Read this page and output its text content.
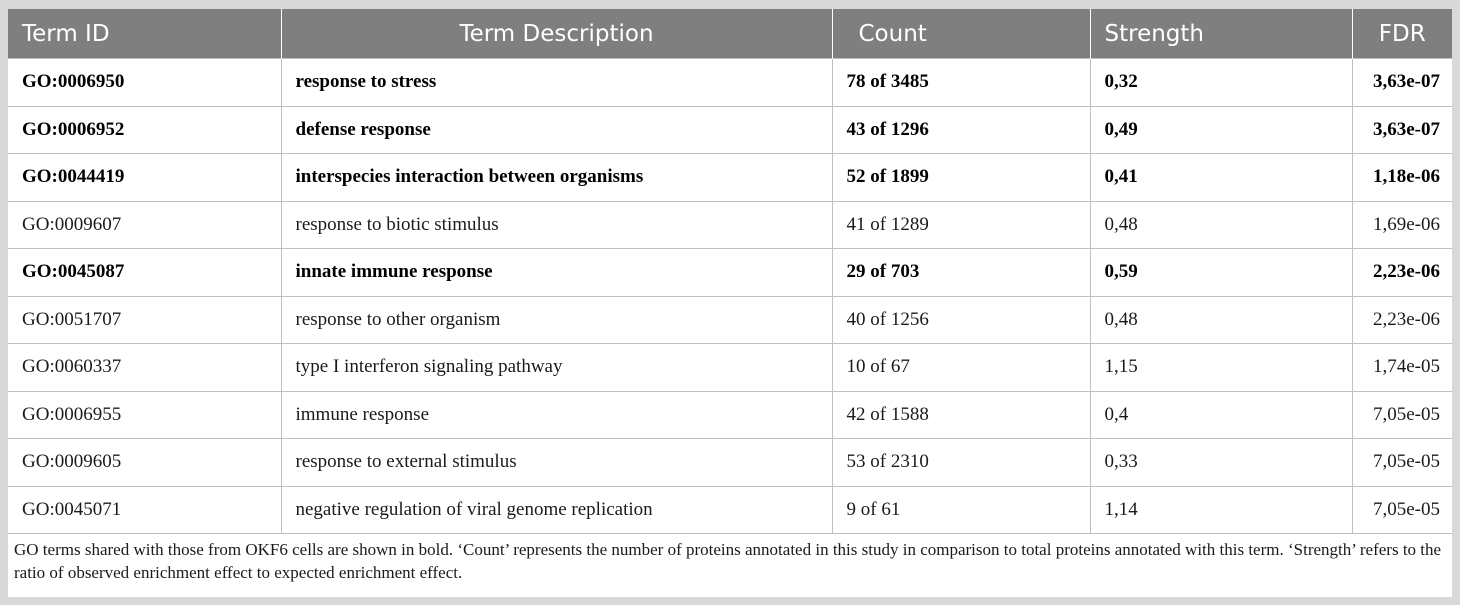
Term ID	Term Description	Count	Strength	FDR
GO:0006950	response to stress	78 of 3485	0,32	3,63e-07
GO:0006952	defense response	43 of 1296	0,49	3,63e-07
GO:0044419	interspecies interaction between organisms	52 of 1899	0,41	1,18e-06
GO:0009607	response to biotic stimulus	41 of 1289	0,48	1,69e-06
GO:0045087	innate immune response	29 of 703	0,59	2,23e-06
GO:0051707	response to other organism	40 of 1256	0,48	2,23e-06
GO:0060337	type I interferon signaling pathway	10 of 67	1,15	1,74e-05
GO:0006955	immune response	42 of 1588	0,4	7,05e-05
GO:0009605	response to external stimulus	53 of 2310	0,33	7,05e-05
GO:0045071	negative regulation of viral genome replication	9 of 61	1,14	7,05e-05

GO terms shared with those from OKF6 cells are shown in bold. ‘Count’ represents the number of proteins annotated in this study in comparison to total proteins annotated with this term. ‘Strength’ refers to the ratio of observed enrichment effect to expected enrichment effect.
